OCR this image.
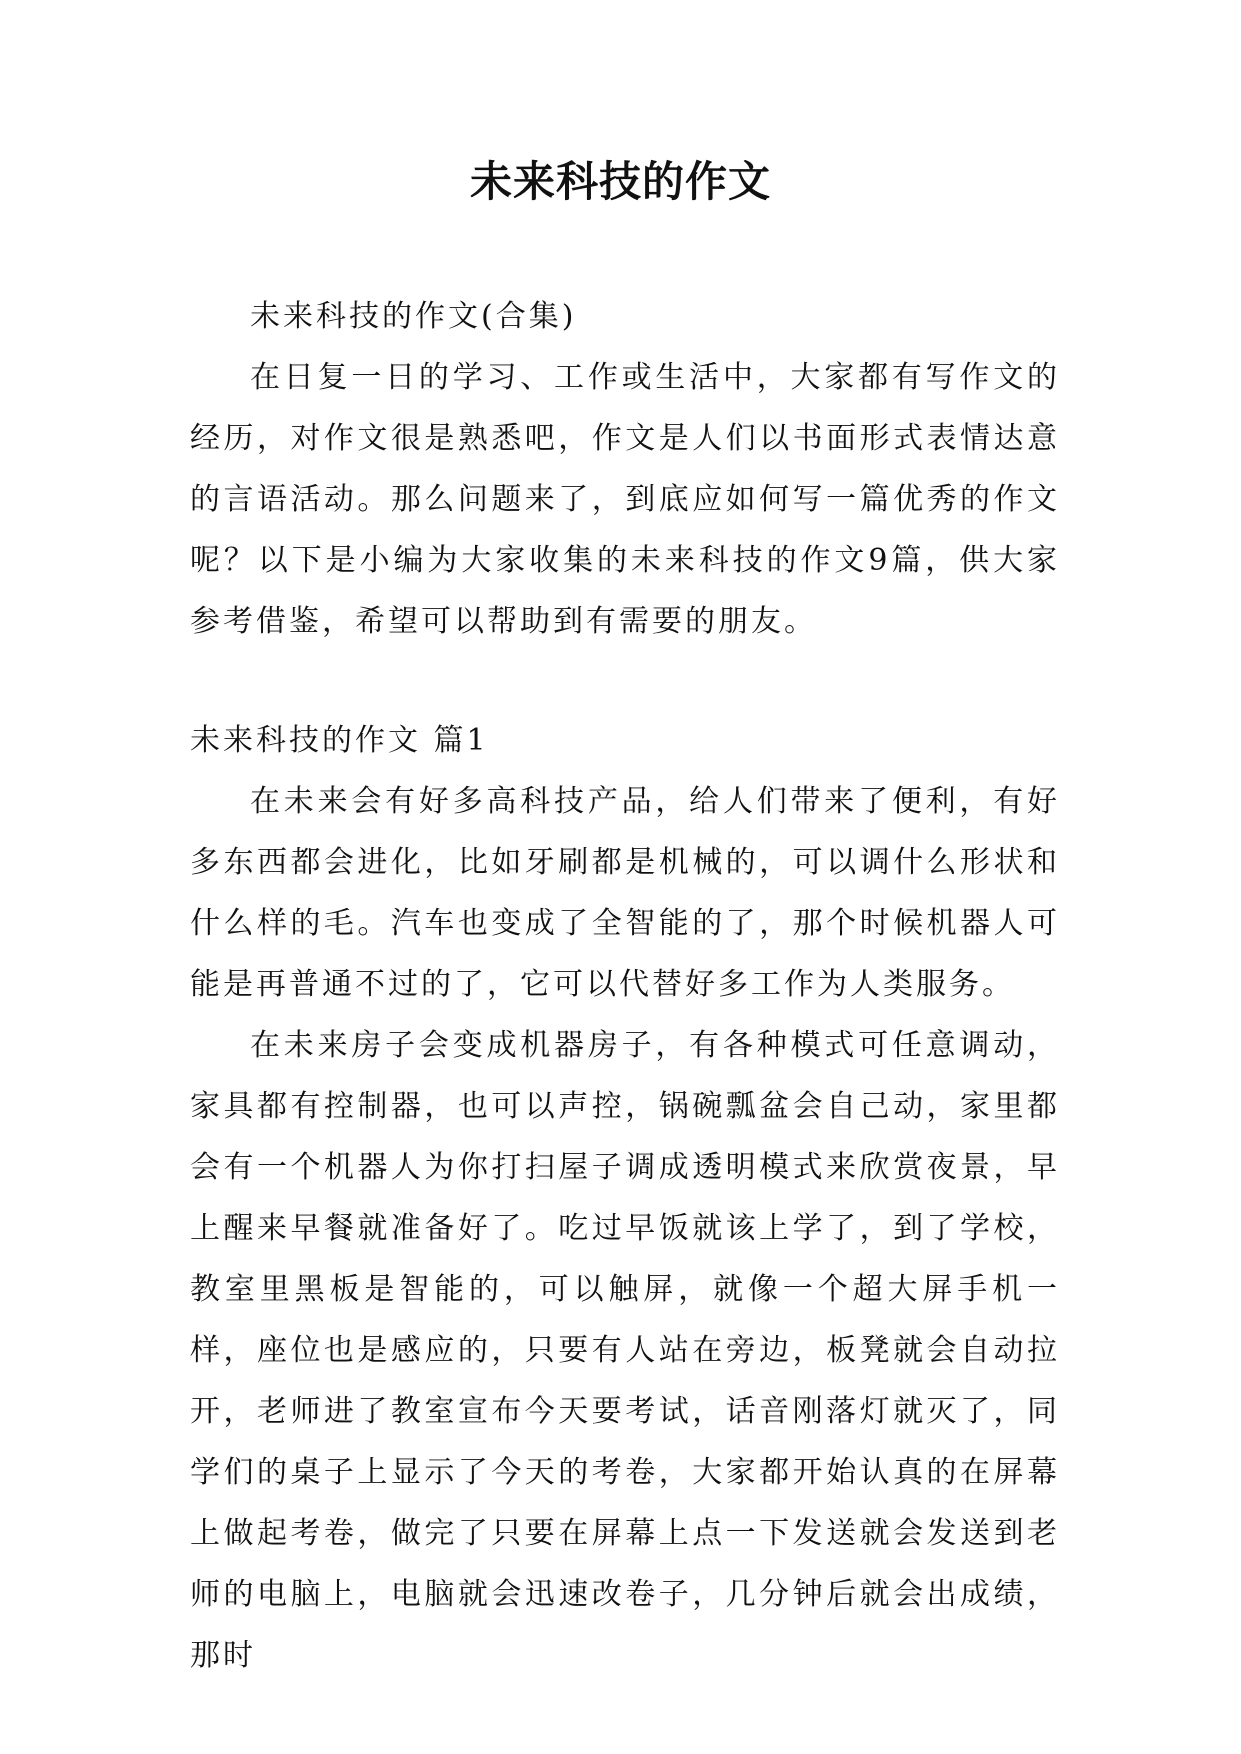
未来科技的作文

未来科技的作文(合集)

在日复一日的学习、工作或生活中，大家都有写作文的经历，对作文很是熟悉吧，作文是人们以书面形式表情达意的言语活动。那么问题来了，到底应如何写一篇优秀的作文呢？以下是小编为大家收集的未来科技的作文9篇，供大家参考借鉴，希望可以帮助到有需要的朋友。

未来科技的作文 篇1

在未来会有好多高科技产品，给人们带来了便利，有好多东西都会进化，比如牙刷都是机械的，可以调什么形状和什么样的毛。汽车也变成了全智能的了，那个时候机器人可能是再普通不过的了，它可以代替好多工作为人类服务。

在未来房子会变成机器房子，有各种模式可任意调动，家具都有控制器，也可以声控，锅碗瓢盆会自己动，家里都会有一个机器人为你打扫屋子调成透明模式来欣赏夜景，早上醒来早餐就准备好了。吃过早饭就该上学了，到了学校，教室里黑板是智能的，可以触屏，就像一个超大屏手机一样，座位也是感应的，只要有人站在旁边，板凳就会自动拉开，老师进了教室宣布今天要考试，话音刚落灯就灭了，同学们的桌子上显示了今天的考卷，大家都开始认真的在屏幕上做起考卷，做完了只要在屏幕上点一下发送就会发送到老师的电脑上，电脑就会迅速改卷子，几分钟后就会出成绩，那时
